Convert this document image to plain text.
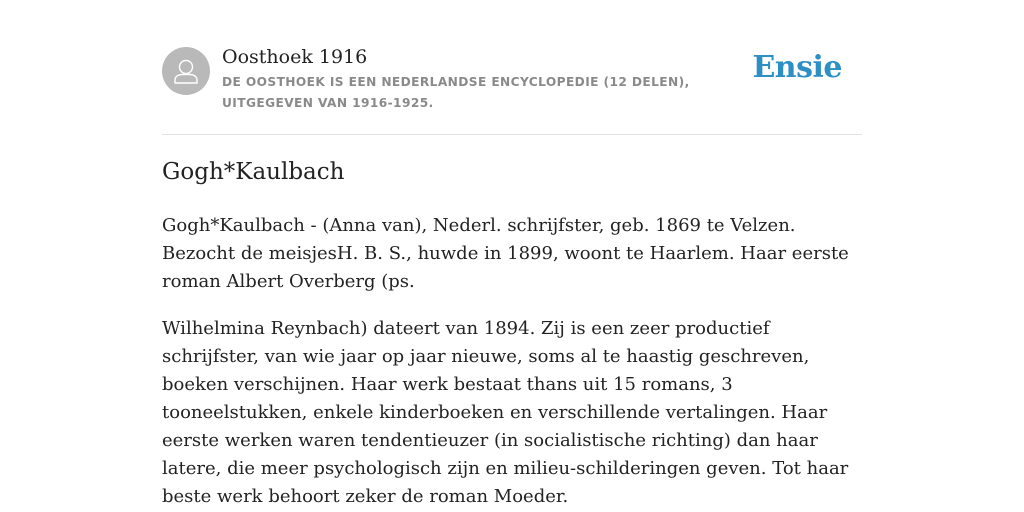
Oosthoek 1916
DE OOSTHOEK IS EEN NEDERLANDSE ENCYCLOPEDIE (12 DELEN), UITGEGEVEN VAN 1916-1925.
Ensie
Gogh*Kaulbach

Gogh*Kaulbach - (Anna van), Nederl. schrijfster, geb. 1869 te Velzen. Bezocht de meisjesH. B. S., huwde in 1899, woont te Haarlem. Haar eerste roman Albert Overberg (ps.

Wilhelmina Reynbach) dateert van 1894. Zij is een zeer productief schrijfster, van wie jaar op jaar nieuwe, soms al te haastig geschreven, boeken verschijnen. Haar werk bestaat thans uit 15 romans, 3 tooneelstukken, enkele kinderboeken en verschillende vertalingen. Haar eerste werken waren tendentieuzer (in socialistische richting) dan haar latere, die meer psychologisch zijn en milieu-schilderingen geven. Tot haar beste werk behoort zeker de roman Moeder.
